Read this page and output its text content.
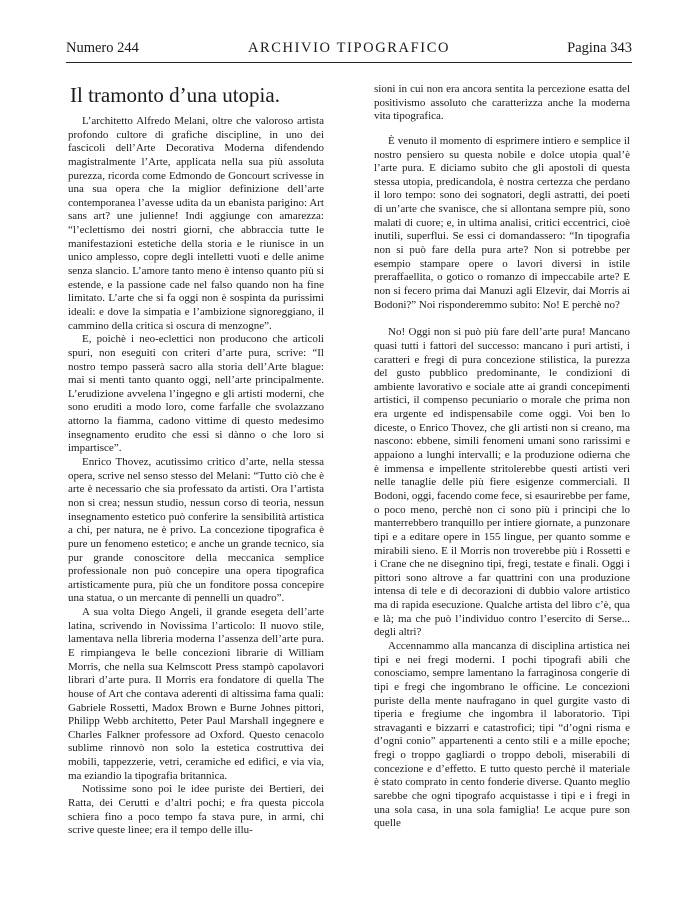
Numero 244	ARCHIVIO TIPOGRAFICO	Pagina 343
Il tramonto d’una utopia.

L’architetto Alfredo Melani, oltre che valoroso artista profondo cultore di grafiche discipline, in uno dei fascicoli dell’Arte Decorativa Moderna difendendo magistralmente l’Arte, applicata nella sua più assoluta purezza, ricorda come Edmondo de Goncourt scrivesse in una sua opera che la miglior definizione dell’arte contemporanea l’avesse udita da un ebanista parigino: Art sans art? une julienne! Indi aggiunge con amarezza: “l’eclettismo dei nostri giorni, che abbraccia tutte le manifestazioni estetiche della storia e le riunisce in un unico amplesso, copre degli intelletti vuoti e delle anime senza slancio. L’amore tanto meno è intenso quanto più si estende, e la passione cade nel falso quando non ha fine limitato. L’arte che si fa oggi non è sospinta da purissimi ideali: e dove la simpatia e l’ambizione signoreggiano, il cammino della critica si oscura di menzogne”.

E, poichè i neo-eclettici non producono che articoli spuri, non eseguiti con criteri d’arte pura, scrive: “Il nostro tempo passerà sacro alla storia dell’Arte blague: mai si mentì tanto quanto oggi, nell’arte principalmente. L’erudizione avvelena l’ingegno e gli artisti moderni, che sono eruditi a modo loro, come farfalle che svolazzano attorno la fiamma, cadono vittime di questo medesimo insegnamento erudito che essi si dànno o che loro si impartisce”.

Enrico Thovez, acutissimo critico d’arte, nella stessa opera, scrive nel senso stesso del Melani: “Tutto ciò che è arte è necessario che sia professato da artisti. Ora l’artista non si crea; nessun studio, nessun corso di teoria, nessun insegnamento estetico può conferire la sensibilità artistica a chi, per natura, ne è privo. La concezione tipografica è pure un fenomeno estetico; e anche un grande tecnico, sia pur grande conoscitore della meccanica semplice professionale non può concepire una opera tipografica artisticamente pura, più che un fonditore possa concepire una statua, o un mercante di pennelli un quadro”.

A sua volta Diego Angeli, il grande esegeta dell’arte latina, scrivendo in Novissima l’articolo: Il nuovo stile, lamentava nella libreria moderna l’assenza dell’arte pura. E rimpiangeva le belle concezioni librarie di William Morris, che nella sua Kelmscott Press stampò capolavori librari d’arte pura. Il Morris era fondatore di quella The house of Art che contava aderenti di altissima fama quali: Gabriele Rossetti, Madox Brown e Burne Johnes pittori, Philipp Webb architetto, Peter Paul Marshall ingegnere e Charles Falkner professore ad Oxford. Questo cenacolo sublime rinnovò non solo la estetica costruttiva dei mobili, tappezzerie, vetri, ceramiche ed edifici, e via via, ma eziandio la tipografia britannica.

Notissime sono poi le idee puriste dei Bertieri, dei Ratta, dei Cerutti e d’altri pochi; e fra questa piccola schiera fino a poco tempo fa stava pure, in armi, chi scrive queste linee; era il tempo delle illu-

sioni in cui non era ancora sentita la percezione esatta del positivismo assoluto che caratterizza anche la moderna vita tipografica.

È venuto il momento di esprimere intiero e semplice il nostro pensiero su questa nobile e dolce utopia qual’è l’arte pura. E diciamo subito che gli apostoli di questa stessa utopia, predicandola, è nostra certezza che perdano il loro tempo: sono dei sognatori, degli astratti, dei poeti di un’arte che svanisce, che si allontana sempre più, sono malati di cuore; e, in ultima analisi, critici eccentrici, cioè inutili, superflui. Se essi ci domandassero: “In tipografia non si può fare della pura arte? Non si potrebbe per esempio stampare opere o lavori diversi in istile preraffaellita, o gotico o romanzo di impeccabile arte? E non si fecero prima dai Manuzi agli Elzevir, dai Morris ai Bodoni?” Noi risponderemmo subito: No! E perchè no?

No! Oggi non si può più fare dell’arte pura! Mancano quasi tutti i fattori del successo: mancano i puri artisti, i caratteri e fregi di pura concezione stilistica, la purezza del gusto pubblico predominante, le condizioni di ambiente lavorativo e sociale atte ai grandi concepimenti artistici, il compenso pecuniario o morale che prima non era urgente ed indispensabile come oggi. Voi ben lo diceste, o Enrico Thovez, che gli artisti non si creano, ma nascono: ebbene, simili fenomeni umani sono rarissimi e appaiono a lunghi intervalli; e la produzione odierna che è immensa e impellente stritolerebbe questi artisti veri nelle tanaglie delle più fiere esigenze commerciali. Il Bodoni, oggi, facendo come fece, si esaurirebbe per fame, o poco meno, perchè non ci sono più i principi che lo manterrebbero tranquillo per intiere giornate, a punzonare tipi e a editare opere in 155 lingue, per quanto somme e mirabili sieno. E il Morris non troverebbe più i Rossetti e i Crane che ne disegnino tipi, fregi, testate e finali. Oggi i pittori sono altrove a far quattrini con una produzione intensa di tele e di decorazioni di dubbio valore artistico ma di rapida esecuzione. Qualche artista del libro c’è, qua e là; ma che può l’individuo contro l’esercito di Serse... degli altri?

Accennammo alla mancanza di disciplina artistica nei tipi e nei fregi moderni. I pochi tipografi abili che conosciamo, sempre lamentano la farraginosa congerie di tipi e fregi che ingombrano le officine. Le concezioni puriste della mente naufragano in quel gurgite vasto di tiperia e fregiume che ingombra il laboratorio. Tipi stravaganti e bizzarri e catastrofici; tipi “d’ogni risma e d’ogni conio” appartenenti a cento stili e a mille epoche; fregi o troppo gagliardi o troppo deboli, miserabili di concezione e d’effetto. E tutto questo perchè il materiale è stato comprato in cento fonderie diverse. Quanto meglio sarebbe che ogni tipografo acquistasse i tipi e i fregi in una sola casa, in una sola famiglia! Le acque pure son quelle
